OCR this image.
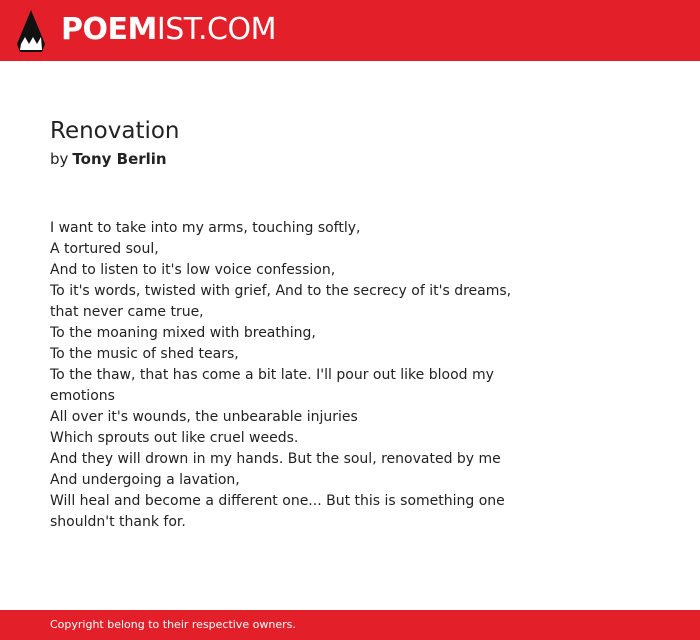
POEMIST.COM
Renovation
by Tony Berlin
I want to take into my arms, touching softly,
A tortured soul,
And to listen to it's low voice confession,
To it's words, twisted with grief, And to the secrecy of it's dreams,
that never came true,
To the moaning mixed with breathing,
To the music of shed tears,
To the thaw, that has come a bit late. I'll pour out like blood my
emotions
All over it's wounds, the unbearable injuries
Which sprouts out like cruel weeds.
And they will drown in my hands. But the soul, renovated by me
And undergoing a lavation,
Will heal and become a different one... But this is something one
shouldn't thank for.
Copyright belong to their respective owners.
